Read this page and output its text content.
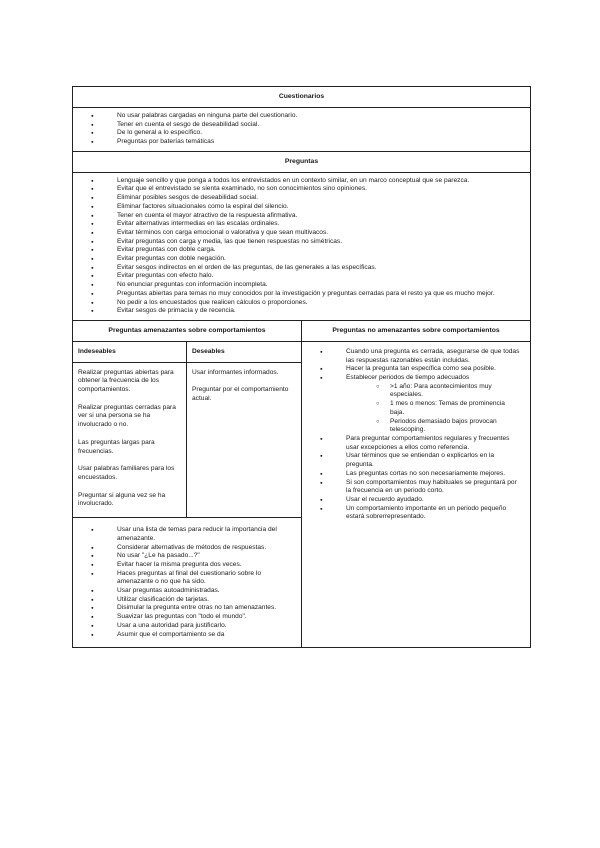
Cuestionarios
● No usar palabras cargadas en ninguna parte del cuestionario.
● Tener en cuenta el sesgo de deseabilidad social.
● De lo general a lo específico.
● Preguntas por baterías temáticas
Preguntas
● Lenguaje sencillo y que ponga a todos los entrevistados en un contexto similar, en un marco conceptual que se parezca.
● Evitar que el entrevistado se sienta examinado, no son conocimientos sino opiniones.
● Eliminar posibles sesgos de deseabilidad social.
● Eliminar factores situacionales como la espiral del silencio.
● Tener en cuenta el mayor atractivo de la respuesta afirmativa.
● Evitar alternativas intermedias en las escalas ordinales.
● Evitar términos con carga emocional o valorativa y que sean multivacos.
● Evitar preguntas con carga y media, las que tienen respuestas no simétricas.
● Evitar preguntas con doble carga.
● Evitar preguntas con doble negación.
● Evitar sesgos indirectos en el orden de las preguntas, de las generales a las específicas.
● Evitar preguntas con efecto halo.
● No enunciar preguntas con información incompleta.
● Preguntas abiertas para temas no muy conocidos por la investigación y preguntas cerradas para el resto ya que es mucho mejor.
● No pedir a los encuestados que realicen cálculos o proporciones.
● Evitar sesgos de primacía y de recencia.
Preguntas amenazantes sobre comportamientos
Indeseables

Realizar preguntas abiertas para obtener la frecuencia de los comportamientos.

Realizar preguntas cerradas para ver si una persona se ha involucrado o no.

Las preguntas largas para frecuencias.

Usar palabras familiares para los encuestados.

Preguntar si alguna vez se ha involucrado.

Deseables

Usar informantes informados.

Preguntar por el comportamiento actual.

● Usar una lista de temas para reducir la importancia del amenazante.
● Considerar alternativas de métodos de respuestas.
● No usar "¿Le ha pasado...?"
● Evitar hacer la misma pregunta dos veces.
● Haces preguntas al final del cuestionario sobre lo amenazante o no que ha sido.
● Usar preguntas autoadministradas.
● Utilizar clasificación de tarjetas.
● Disimular la pregunta entre otras no tan amenazantes.
● Suavizar las preguntas con "todo el mundo".
● Usar a una autoridad para justificarlo.
● Asumir que el comportamiento se da
Preguntas no amenazantes sobre comportamientos
● Cuando una pregunta es cerrada, asegurarse de que todas las respuestas razonables están incluidas.
● Hacer la pregunta tan específica como sea posible.
● Establecer periodos de tiempo adecuados
○ >1 año: Para acontecimientos muy especiales.
○ 1 mes o menos: Temas de prominencia baja.
○ Periodos demasiado bajos provocan telescoping.
● Para preguntar comportamientos regulares y frecuentes usar excepciones a ellos como referencia.
● Usar términos que se entiendan o explicarlos en la pregunta.
● Las preguntas cortas no son necesariamente mejores.
● Si son comportamientos muy habituales se preguntará por la frecuencia en un periodo corto.
● Usar el recuerdo ayudado.
● Un comportamiento importante en un periodo pequeño estará sobrerrepresentado.
